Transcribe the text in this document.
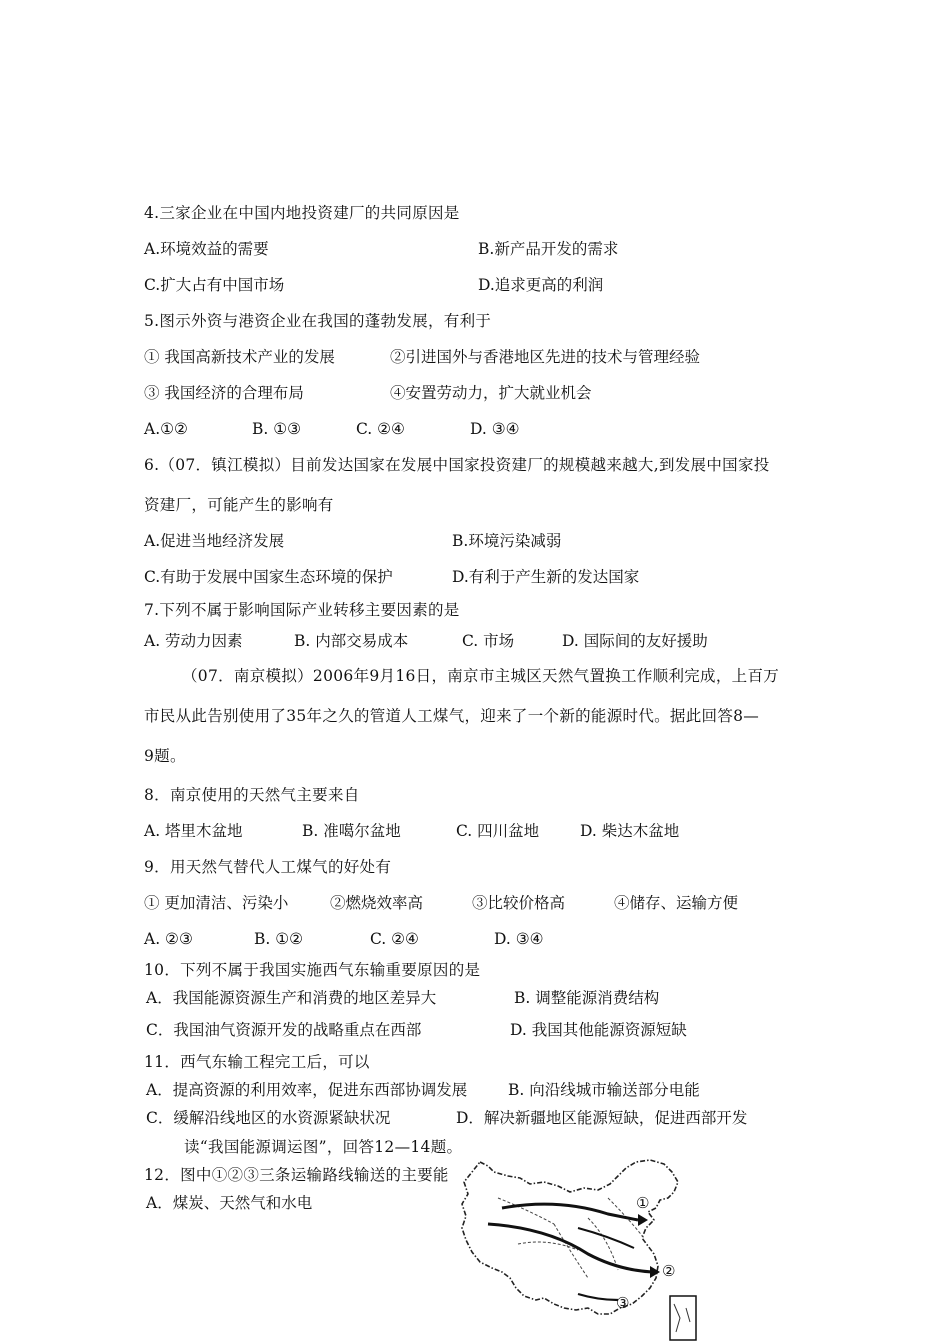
4.三家企业在中国内地投资建厂的共同原因是
A.环境效益的需要	B.新产品开发的需求
C.扩大占有中国市场	D.追求更高的利润
5.图示外资与港资企业在我国的蓬勃发展，有利于
① 我国高新技术产业的发展	②引进国外与香港地区先进的技术与管理经验
③ 我国经济的合理布局	④安置劳动力，扩大就业机会
A.①②	B. ①③	C. ②④	D. ③④
6.（07．镇江模拟）目前发达国家在发展中国家投资建厂的规模越来越大,到发展中国家投
资建厂，可能产生的影响有
A.促进当地经济发展	B.环境污染减弱
C.有助于发展中国家生态环境的保护	D.有利于产生新的发达国家
7.下列不属于影响国际产业转移主要因素的是
A. 劳动力因素	B. 内部交易成本	C. 市场	D. 国际间的友好援助
（07．南京模拟）2006年9月16日，南京市主城区天然气置换工作顺利完成，上百万
市民从此告别使用了35年之久的管道人工煤气，迎来了一个新的能源时代。据此回答8—
9题。
8．南京使用的天然气主要来自
A. 塔里木盆地	B. 准噶尔盆地	C. 四川盆地	D. 柴达木盆地
9．用天然气替代人工煤气的好处有
① 更加清洁、污染小	②燃烧效率高	③比较价格高	④储存、运输方便
A. ②③	B. ①②	C. ②④	D. ③④
10．下列不属于我国实施西气东输重要原因的是
A．我国能源资源生产和消费的地区差异大	B. 调整能源消费结构
C．我国油气资源开发的战略重点在西部	D. 我国其他能源资源短缺
11．西气东输工程完工后，可以
A．提高资源的利用效率，促进东西部协调发展	B. 向沿线城市输送部分电能
C．缓解沿线地区的水资源紧缺状况	D．解决新疆地区能源短缺，促进西部开发
读“我国能源调运图”，回答12—14题。
12．图中①②③三条运输路线输送的主要能
A．煤炭、天然气和水电	①
②
③
